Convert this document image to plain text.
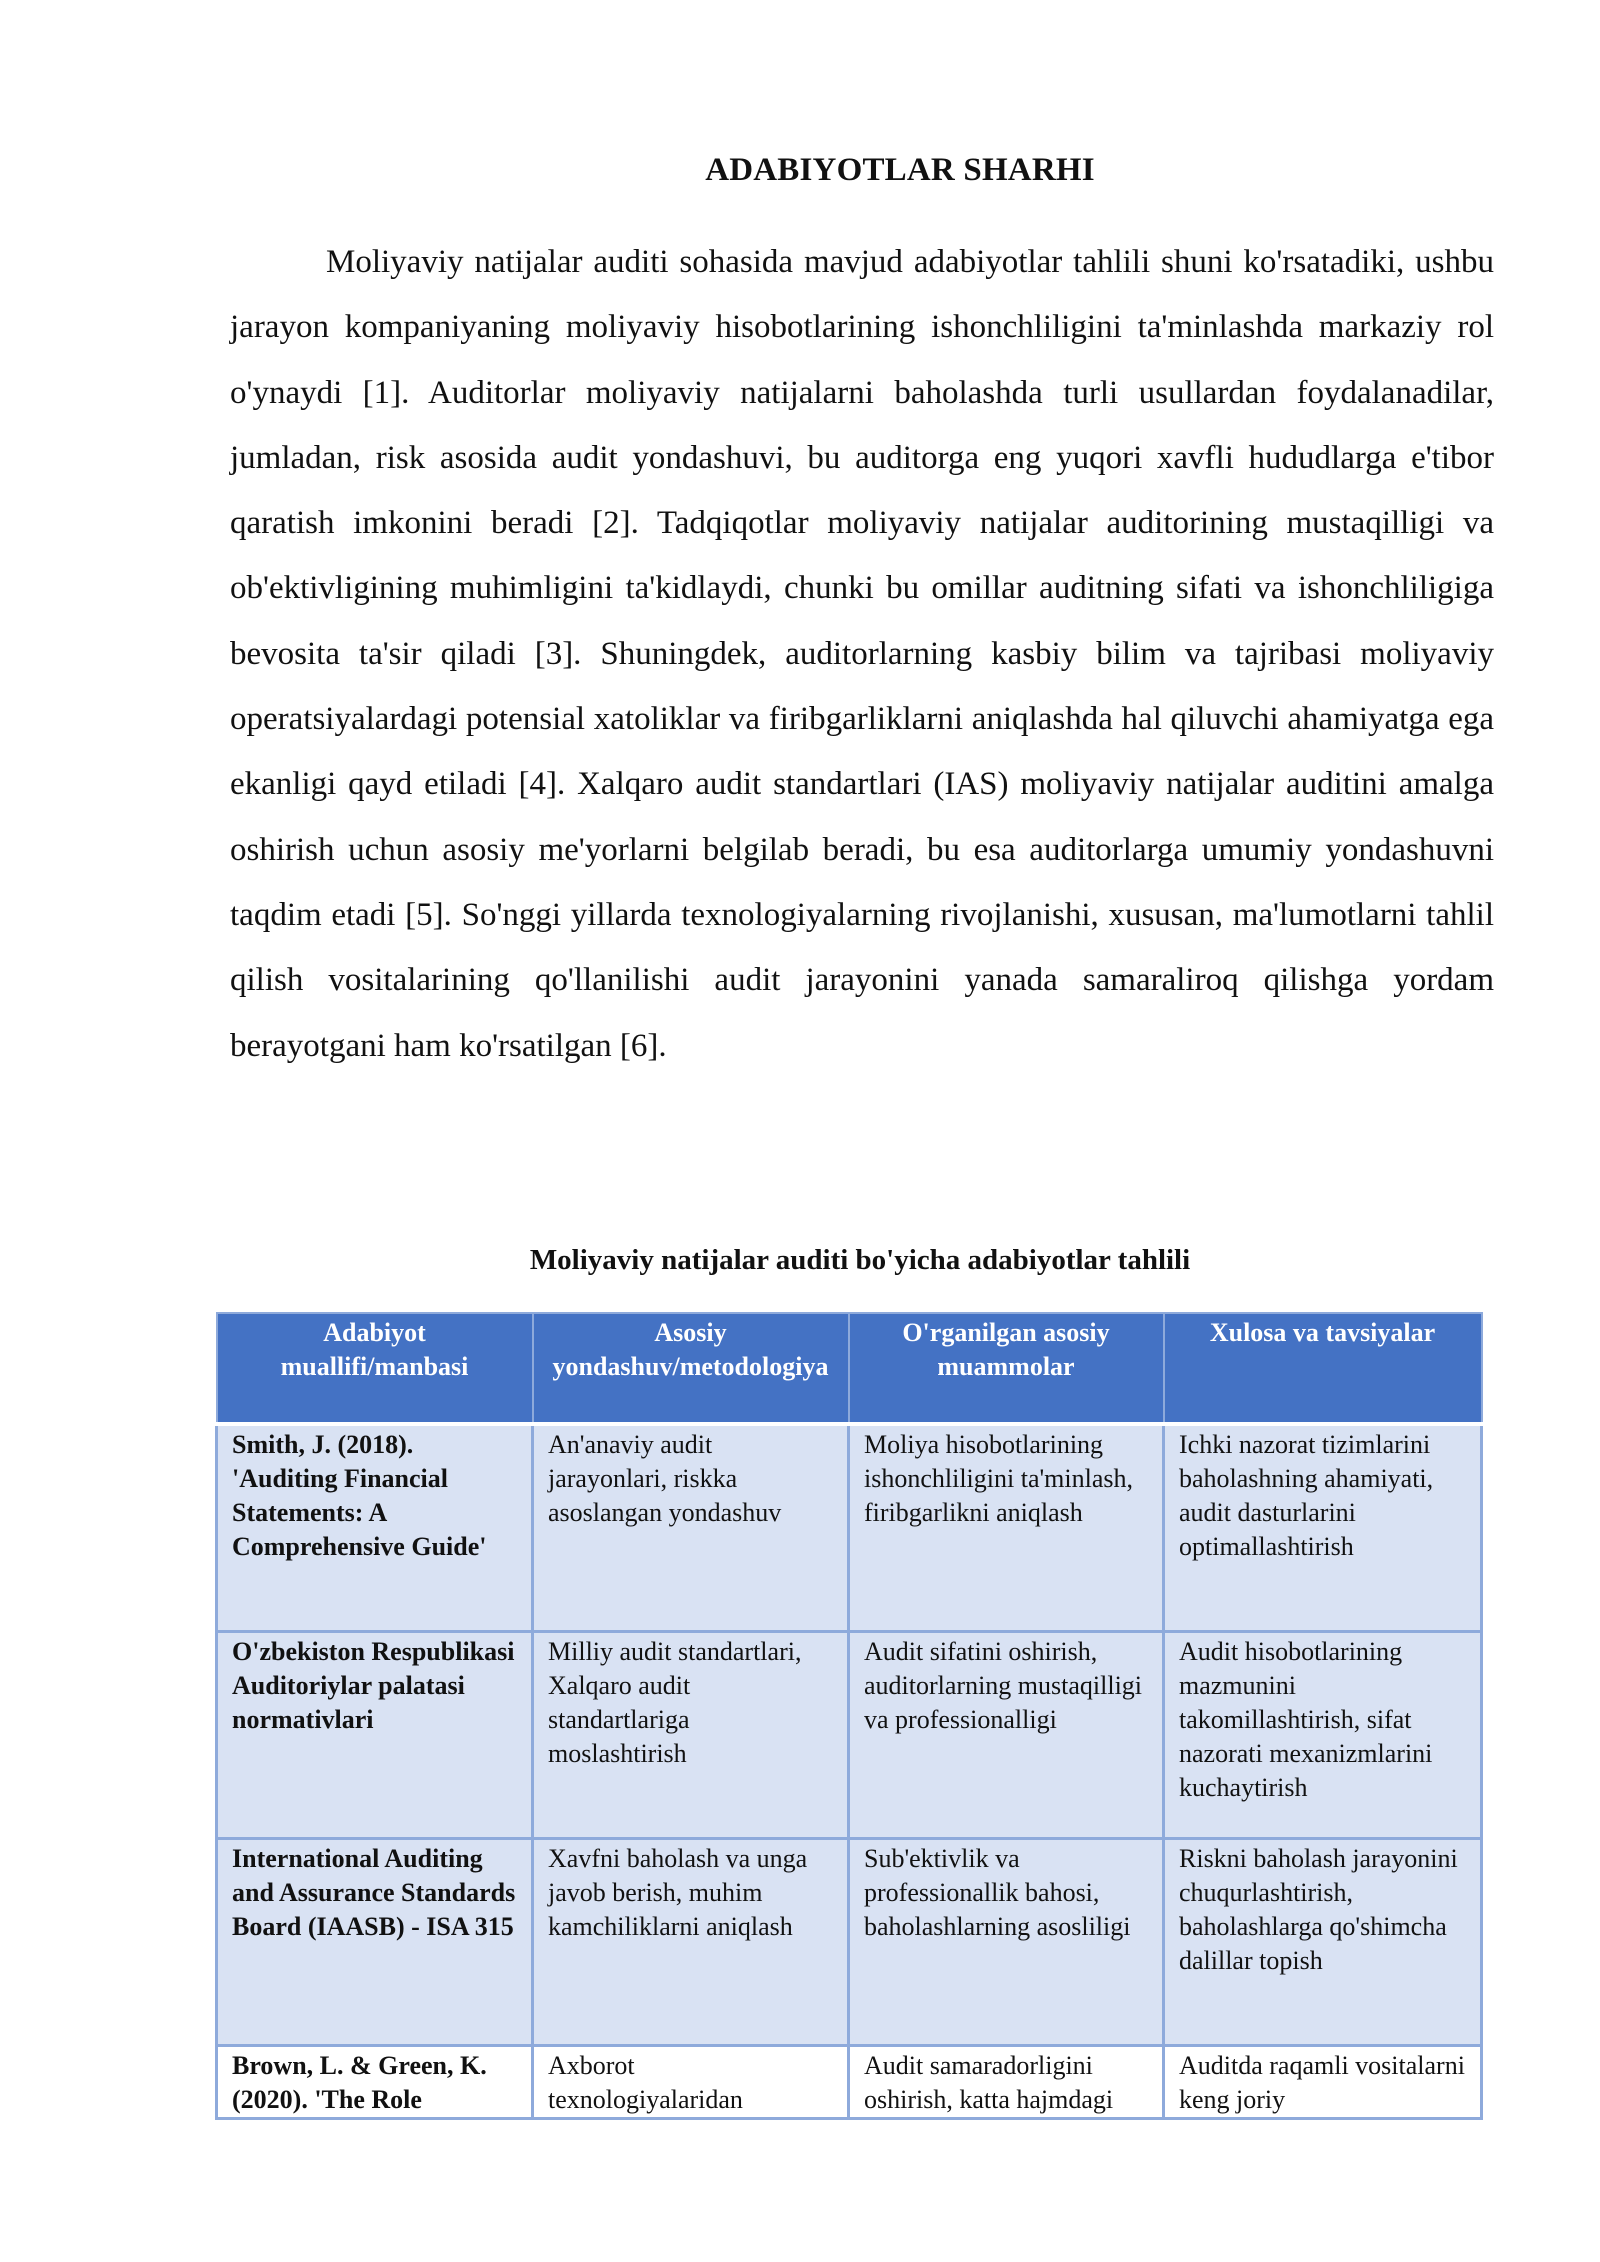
ADABIYOTLAR SHARHI

Moliyaviy natijalar auditi sohasida mavjud adabiyotlar tahlili shuni ko'rsatadiki, ushbu jarayon kompaniyaning moliyaviy hisobotlarining ishonchliligini ta'minlashda markaziy rol o'ynaydi [1]. Auditorlar moliyaviy natijalarni baholashda turli usullardan foydalanadilar, jumladan, risk asosida audit yondashuvi, bu auditorga eng yuqori xavfli hududlarga e'tibor qaratish imkonini beradi [2]. Tadqiqotlar moliyaviy natijalar auditorining mustaqilligi va ob'ektivligining muhimligini ta'kidlaydi, chunki bu omillar auditning sifati va ishonchliligiga bevosita ta'sir qiladi [3]. Shuningdek, auditorlarning kasbiy bilim va tajribasi moliyaviy operatsiyalardagi potensial xatoliklar va firibgarliklarni aniqlashda hal qiluvchi ahamiyatga ega ekanligi qayd etiladi [4]. Xalqaro audit standartlari (IAS) moliyaviy natijalar auditini amalga oshirish uchun asosiy me'yorlarni belgilab beradi, bu esa auditorlarga umumiy yondashuvni taqdim etadi [5]. So'nggi yillarda texnologiyalarning rivojlanishi, xususan, ma'lumotlarni tahlil qilish vositalarining qo'llanilishi audit jarayonini yanada samaraliroq qilishga yordam berayotgani ham ko'rsatilgan [6].

Moliyaviy natijalar auditi bo'yicha adabiyotlar tahlili
Adabiyot muallifi/manbasi	Asosiy yondashuv/metodologiya	O'rganilgan asosiy muammolar	Xulosa va tavsiyalar
Smith, J. (2018). 'Auditing Financial Statements: A Comprehensive Guide'	An'anaviy audit jarayonlari, riskka asoslangan yondashuv	Moliya hisobotlarining ishonchliligini ta'minlash, firibgarlikni aniqlash	Ichki nazorat tizimlarini baholashning ahamiyati, audit dasturlarini optimallashtirish
O'zbekiston Respublikasi Auditoriylar palatasi normativlari	Milliy audit standartlari, Xalqaro audit standartlariga moslashtirish	Audit sifatini oshirish, auditorlarning mustaqilligi va professionalligi	Audit hisobotlarining mazmunini takomillashtirish, sifat nazorati mexanizmlarini kuchaytirish
International Auditing and Assurance Standards Board (IAASB) - ISA 315	Xavfni baholash va unga javob berish, muhim kamchiliklarni aniqlash	Sub'ektivlik va professionallik bahosi, baholashlarning asosliligi	Riskni baholash jarayonini chuqurlashtirish, baholashlarga qo'shimcha dalillar topish
Brown, L. & Green, K. (2020). 'The Role	Axborot texnologiyalaridan	Audit samaradorligini oshirish, katta hajmdagi	Auditda raqamli vositalarni keng joriy
